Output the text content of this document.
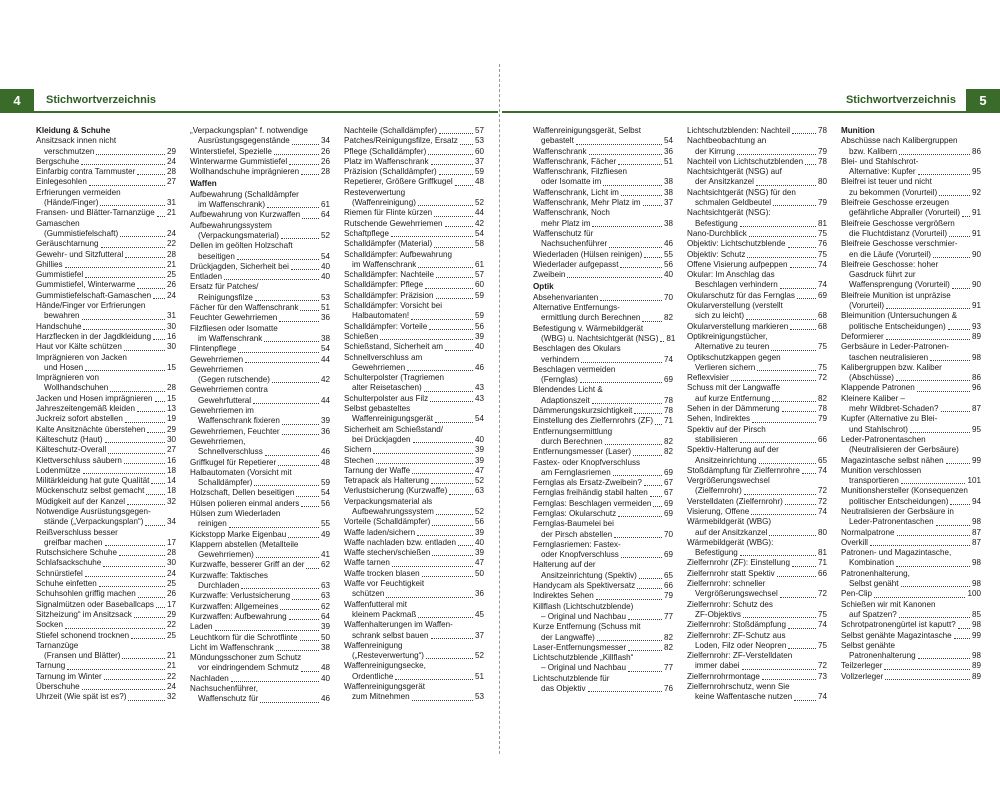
4	Stichwortverzeichnis
Kleidung & Schuhe
Ansitzsack innen nicht
verschmutzen	29
Bergschuhe	24
Einfarbig contra Tarnmuster	28
Einlegesohlen	27
Erfrierungen vermeiden
(Hände/Finger)	31
Fransen- und Blätter-Tarnanzüge 21
Gamaschen
(Gummistiefelschaft)	24
Geräuschtarnung	22
Gewehr- und Sitzfutteral	28
Ghillies	21
Gummistiefel	25
Gummistiefel, Winterwarme	26
Gummistiefelschaft-Gamaschen 24
Hände/Finger vor Erfrierungen
bewahren	31
Handschuhe	30
Harzflecken in der Jagdkleidung 16
Haut vor Kälte schützen	30
Imprägnieren von Jacken
und Hosen	15
Imprägnieren von
Wollhandschuhen	28
Jacken und Hosen imprägnieren 15
Jahreszeitengemäß kleiden	13
Juckreiz sofort abstellen	19
Kalte Ansitznächte überstehen	29
Kälteschutz (Haut)	30
Kälteschutz-Overall	27
Klettverschluss säubern	16
Lodenmütze	18
Militärkleidung hat gute Qualität 14
Mückenschutz selbst gemacht	18
Müdigkeit auf der Kanzel	32
Notwendige Ausrüstungsgegen-
stände („Verpackungsplan“)	34
Reißverschluss besser
greifbar machen	17
Rutschsichere Schuhe	28
Schlafsackschuhe	30
Schnürstiefel	24
Schuhe einfetten	25
Schuhsohlen griffig machen	26
Signalmützen oder Baseballcaps 17
Sitzheizung“ im Ansitzsack	29
Socken	22
Stiefel schonend trocknen	25
Tarnanzüge
(Fransen und Blätter)	21
Tarnung	21
Tarnung im Winter	22
Überschuhe	24
Uhrzeit (Wie spät ist es?)	32
„Verpackungsplan“ f. notwendige
Ausrüstungsgegenstände	34
Winterstiefel, Spezielle	26
Winterwarme Gummistiefel	26
Wollhandschuhe imprägnieren	28
Waffen
Aufbewahrung (Schalldämpfer
im Waffenschrank)	61
Aufbewahrung von Kurzwaffen	64
Aufbewahrungssystem
(Verpackungsmaterial)	52
Dellen im geölten Holzschaft
beseitigen	54
Drückjagden, Sicherheit bei	40
Entladen	40
Ersatz für Patches/
Reinigungsfilze	53
Fächer für den Waffenschrank	51
Feuchter Gewehrriemen	36
Filzfliesen oder Isomatte
im Waffenschrank	38
Flintenpflege	54
Gewehrriemen	44
Gewehrriemen
(Gegen rutschende)	42
Gewehrriemen contra
Gewehrfutteral	44
Gewehrriemen im
Waffenschrank fixieren	39
Gewehrriemen, Feuchter	36
Gewehrriemen,
Schnellverschluss	46
Griffkugel für Repetierer	48
Halbautomaten (Vorsicht mit
Schalldämpfer)	59
Holzschaft, Dellen beseitigen	54
Hülsen polieren einmal anders	56
Hülsen zum Wiederladen
reinigen	55
Kickstopp Marke Eigenbau	49
Klappern abstellen (Metallteile
Gewehrriemen)	41
Kurzwaffe, besserer Griff an der 62
Kurzwaffe: Taktisches
Durchladen	63
Kurzwaffe: Verlustsicherung	63
Kurzwaffen: Allgemeines	62
Kurzwaffen: Aufbewahrung	64
Laden	39
Leuchtkorn für die Schrotflinte	50
Licht im Waffenschrank	38
Mündungsschoner zum Schutz
vor eindringendem Schmutz	48
Nachladen	40
Nachsuchenführer,
Waffenschutz für	46
Nachteile (Schalldämpfer)	57
Patches/Reinigungsfilze, Ersatz 53
Pflege (Schalldämpfer)	60
Platz im Waffenschrank	37
Präzision (Schalldämpfer)	59
Repetierer, Größere Griffkugel	48
Resteverwertung
(Waffenreinigung)	52
Riemen für Flinte kürzen	44
Rutschende Gewehrriemen	42
Schaftpflege	54
Schalldämpfer (Material)	58
Schalldämpfer: Aufbewahrung
im Waffenschrank	61
Schalldämpfer: Nachteile	57
Schalldämpfer: Pflege	60
Schalldämpfer: Präzision	59
Schalldämpfer: Vorsicht bei
Halbautomaten!	59
Schalldämpfer: Vorteile	56
Schießen	39
Schießstand, Sicherheit am	40
Schnellverschluss am
Gewehrriemen	46
Schulterpolster (Tragriemen
alter Reisetaschen)	43
Schulterpolster aus Filz	43
Selbst gebasteltes
Waffenreinigungsgerät	54
Sicherheit am Schießstand/
bei Drückjagden	40
Sichern	39
Stechen	39
Tarnung der Waffe	47
Tetrapack als Halterung	52
Verlustsicherung (Kurzwaffe)	63
Verpackungsmaterial als
Aufbewahrungssystem	52
Vorteile (Schalldämpfer)	56
Waffe laden/sichern	39
Waffe nachladen bzw. entladen 40
Waffe stechen/schießen	39
Waffe tarnen	47
Waffe trocken blasen	50
Waffe vor Feuchtigkeit
schützen	36
Waffenfutteral mit
kleinem Packmaß	45
Waffenhalterungen im Waffen-
schrank selbst bauen	37
Waffenreinigung
(„Resteverwertung“)	52
Waffenreinigungsecke,
Ordentliche	51
Waffenreinigungsgerät
zum Mitnehmen	53
Stichwortverzeichnis	5
Waffenreinigungsgerät, Selbst
gebastelt	54
Waffenschrank	36
Waffenschrank, Fächer	51
Waffenschrank, Filzfliesen
oder Isomatte im	38
Waffenschrank, Licht im	38
Waffenschrank, Mehr Platz im	37
Waffenschrank, Noch
mehr Platz im	38
Waffenschutz für
Nachsuchenführer	46
Wiederladen (Hülsen reinigen)	55
Wiederlader aufgepasst	56
Zweibein	40
Optik
Absehenvarianten	70
Alternative Entfernungs-
ermittlung durch Berechnen	82
Befestigung v. Wärmebildgerät
(WBG) u. Nachtsichtgerät (NSG) 81
Beschlagen des Okulars
verhindern	74
Beschlagen vermeiden
(Fernglas)	69
Blendendes Licht &
Adaptionszeit	78
Dämmerungskurzsichtigkeit	78
Einstellung des Zielfernrohrs (ZF) 71
Entfernungsermittlung
durch Berechnen	82
Entfernungsmesser (Laser)	82
Fastex- oder Knopfverschluss
am Fernglasriemen	69
Fernglas als Ersatz-Zweibein?	67
Fernglas freihändig stabil halten 67
Fernglas: Beschlagen vermeiden 69
Fernglas: Okularschutz	69
Fernglas-Baumelei bei
der Pirsch abstellen	70
Fernglasriemen: Fastex-
oder Knopfverschluss	69
Halterung auf der
Ansitzeinrichtung (Spektiv)	65
Handycam als Spektiversatz	66
Indirektes Sehen	79
Killflash (Lichtschutzblende)
– Original und Nachbau	77
Kurze Entfernung (Schuss mit
der Langwaffe)	82
Laser-Entfernungsmesser	82
Lichtschutzblende „Killflash“
– Original und Nachbau	77
Lichtschutzblende für
das Objektiv	76
Lichtschutzblenden: Nachteil	78
Nachtbeobachtung an
der Kirrung	79
Nachteil von Lichtschutzblenden 78
Nachtsichtgerät (NSG) auf
der Ansitzkanzel	80
Nachtsichtgerät (NSG) für den
schmalen Geldbeutel	79
Nachtsichtgerät (NSG):
Befestigung	81
Nano-Durchblick	75
Objektiv: Lichtschutzblende	76
Objektiv: Schutz	75
Offene Visierung aufpeppen	74
Okular: Im Anschlag das
Beschlagen verhindern	74
Okularschutz für das Fernglas	69
Okularverstellung (verstellt
sich zu leicht)	68
Okularverstellung markieren	68
Optikreinigungstücher,
Alternative zu teuren	75
Optikschutzkappen gegen
Verlieren sichern	75
Reflexvisier	72
Schuss mit der Langwaffe
auf kurze Entfernung	82
Sehen in der Dämmerung	78
Sehen, Indirektes	79
Spektiv auf der Pirsch
stabilisieren	66
Spektiv-Halterung auf der
Ansitzeinrichtung	65
Stoßdämpfung für Zielfernrohre 74
Vergrößerungswechsel
(Zielfernrohr)	72
Verstelldaten (Zielfernrohr)	72
Visierung, Offene	74
Wärmebildgerät (WBG)
auf der Ansitzkanzel	80
Wärmebildgerät (WBG):
Befestigung	81
Zielfernrohr (ZF): Einstellung	71
Zielfernrohr statt Spektiv	66
Zielfernrohr: schneller
Vergrößerungswechsel	72
Zielfernrohr: Schutz des
ZF-Objektivs	75
Zielfernrohr: Stoßdämpfung	74
Zielfernrohr: ZF-Schutz aus
Loden, Filz oder Neopren	75
Zielfernrohr: ZF-Verstelldaten
immer dabei	72
Zielfernrohrmontage	73
Zielfernrohrschutz, wenn Sie
keine Waffentasche nutzen	74
Munition
Abschüsse nach Kalibergruppen
bzw. Kalibern	86
Blei- und Stahlschrot-
Alternative: Kupfer	95
Bleifrei ist teuer und nicht
zu bekommen (Vorurteil)	92
Bleifreie Geschosse erzeugen
gefährliche Abpraller (Vorurteil) 91
Bleifreie Geschosse vergrößern
die Fluchtdistanz (Vorurteil)	91
Bleifreie Geschosse verschmier-
en die Läufe (Vorurteil)	90
Bleifreie Geschosse: hoher
Gasdruck führt zur
Waffensprengung (Vorurteil)	90
Bleifreie Munition ist unpräzise
(Vorurteil)	91
Bleimunition (Untersuchungen &
politische Entscheidungen)	93
Deformierer	89
Gerbsäure in Leder-Patronen-
taschen neutralisieren	98
Kalibergruppen bzw. Kaliber
(Abschüsse)	86
Klappende Patronen	96
Kleinere Kaliber –
mehr Wildbret-Schaden?	87
Kupfer (Alternative zu Blei-
und Stahlschrot)	95
Leder-Patronentaschen
(Neutralisieren der Gerbsäure)
Magazintasche selbst nähen	99
Munition verschlossen
transportieren	101
Munitionshersteller (Konsequenzen
politischer Entscheidungen)	94
Neutralisieren der Gerbsäure in
Leder-Patronentaschen	98
Normalpatrone	87
Overkill	87
Patronen- und Magazintasche,
Kombination	98
Patronenhalterung,
Selbst genäht	98
Pen-Clip	100
Schießen wir mit Kanonen
auf Spatzen?	85
Schrotpatronengürtel ist kaputt? 98
Selbst genähte Magazintasche	99
Selbst genähte
Patronenhalterung	98
Teilzerleger	89
Vollzerleger	89
